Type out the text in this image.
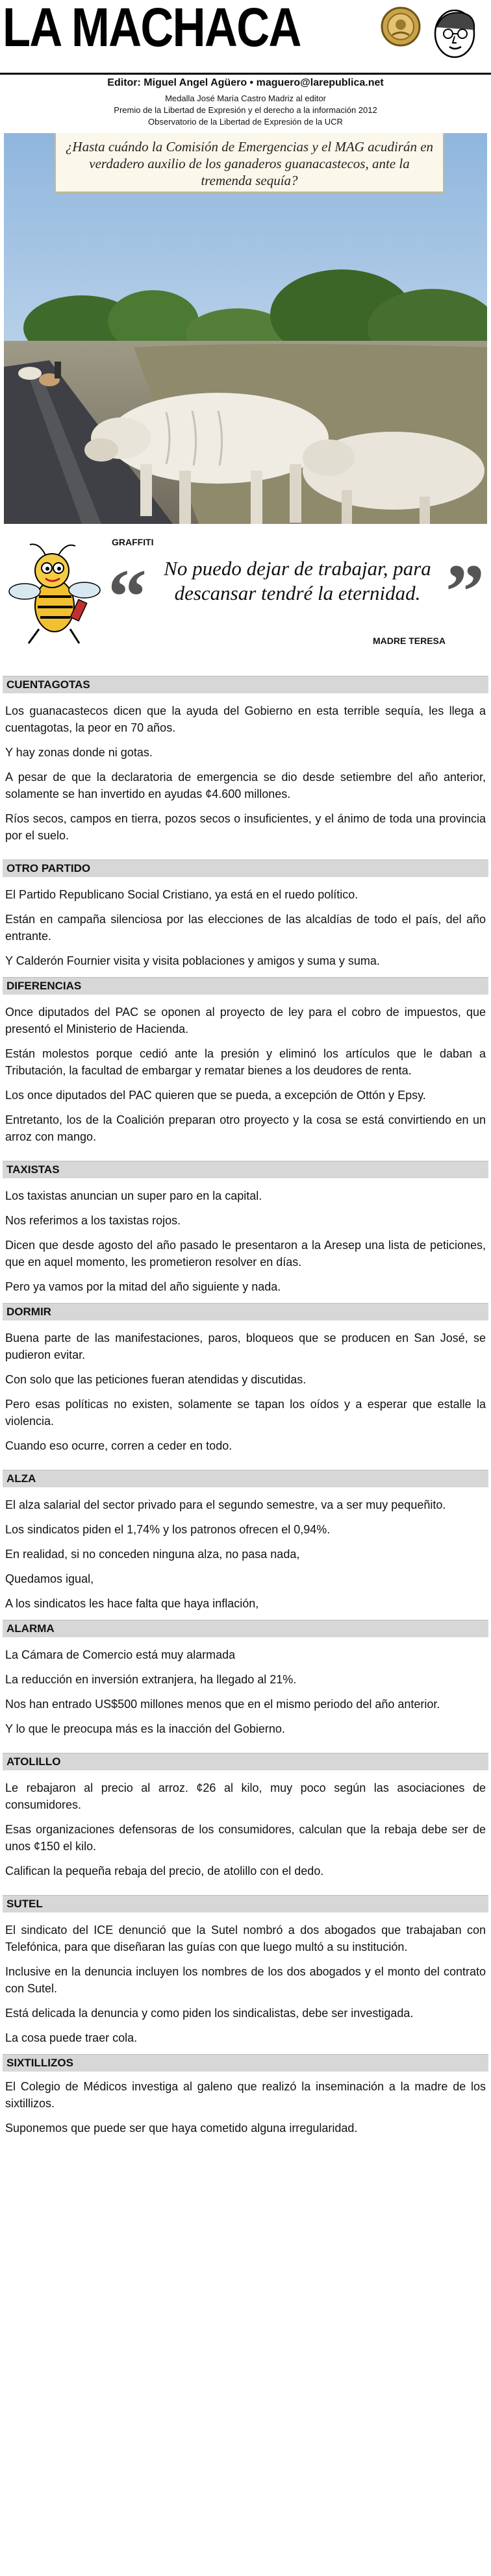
LA MACHACA
Editor: Miguel Angel Agüero • maguero@larepublica.net
Medalla José María Castro Madriz al editor
Premio de la Libertad de Expresión y el derecho a la información 2012
Observatorio de la Libertad de Expresión de la UCR
¿Hasta cuándo la Comisión de Emergencias y el MAG acudirán en verdadero auxilio de los ganaderos guanacastecos, ante la tremenda sequía?
GRAFFITI
“	”
No puedo dejar de trabajar, para descansar tendré la eternidad.
MADRE TERESA
CUENTAGOTAS

Los guanacastecos dicen que la ayuda del Gobierno en esta terrible sequía, les llega a cuentagotas, la peor en 70 años.

Y hay zonas donde ni gotas.

A pesar de que la declaratoria de emergencia se dio desde setiembre del año anterior, solamente se han invertido en ayudas ¢4.600 millones.

Ríos secos, campos en tierra, pozos secos o insuficientes, y el ánimo de toda una provincia por el suelo.

OTRO PARTIDO

El Partido Republicano Social Cristiano, ya está en el ruedo político.

Están en campaña silenciosa por las elecciones de las alcaldías de todo el país, del año entrante.

Y Calderón Fournier visita y visita poblaciones y amigos y suma y suma.

DIFERENCIAS

Once diputados del PAC se oponen al proyecto de ley para el cobro de impuestos, que presentó el Ministerio de Hacienda.

Están molestos porque cedió ante la presión y eliminó los artículos que le daban a Tributación, la facultad de embargar y rematar bienes a los deudores de renta.

Los once diputados del PAC quieren que se pueda, a excepción de Ottón y Epsy.

Entretanto, los de la Coalición preparan otro proyecto y la cosa se está convirtiendo en un arroz con mango.

TAXISTAS

Los taxistas anuncian un super paro en la capital.

Nos referimos a los taxistas rojos.

Dicen que desde agosto del año pasado le presentaron a la Aresep una lista de peticiones, que en aquel momento, les prometieron resolver en días.

Pero ya vamos por la mitad del año siguiente y nada.

DORMIR

Buena parte de las manifestaciones, paros, bloqueos que se producen en San José, se pudieron evitar.

Con solo que las peticiones fueran atendidas y discutidas.

Pero esas políticas no existen, solamente se tapan los oídos y a esperar que estalle la violencia.

Cuando eso ocurre, corren a ceder en todo.

ALZA

El alza salarial del sector privado para el segundo semestre, va a ser muy pequeñito.

Los sindicatos piden el 1,74% y los patronos ofrecen el 0,94%.

En realidad, si no conceden ninguna alza, no pasa nada,

Quedamos igual,

A los sindicatos les hace falta que haya inflación,

ALARMA

La Cámara de Comercio está muy alarmada

La reducción en inversión extranjera, ha llegado al 21%.

Nos han entrado US$500 millones menos que en el mismo periodo del año anterior.

Y lo que le preocupa más es la inacción del Gobierno.

ATOLILLO

Le rebajaron al precio al arroz. ¢26 al kilo, muy poco según las asociaciones de consumidores.

Esas organizaciones defensoras de los consumidores, calculan que la rebaja debe ser de unos ¢150 el kilo.

Califican la pequeña rebaja del precio, de atolillo con el dedo.

SUTEL

El sindicato del ICE denunció que la Sutel nombró a dos abogados que trabajaban con Telefónica, para que diseñaran las guías con que luego multó a su institución.

Inclusive en la denuncia incluyen los nombres de los dos abogados y el monto del contrato con Sutel.

Está delicada la denuncia y como piden los sindicalistas, debe ser investigada.

La cosa puede traer cola.

SIXTILLIZOS

El Colegio de Médicos investiga al galeno que realizó la inseminación a la madre de los sixtillizos.

Suponemos que puede ser que haya cometido alguna irregularidad.
